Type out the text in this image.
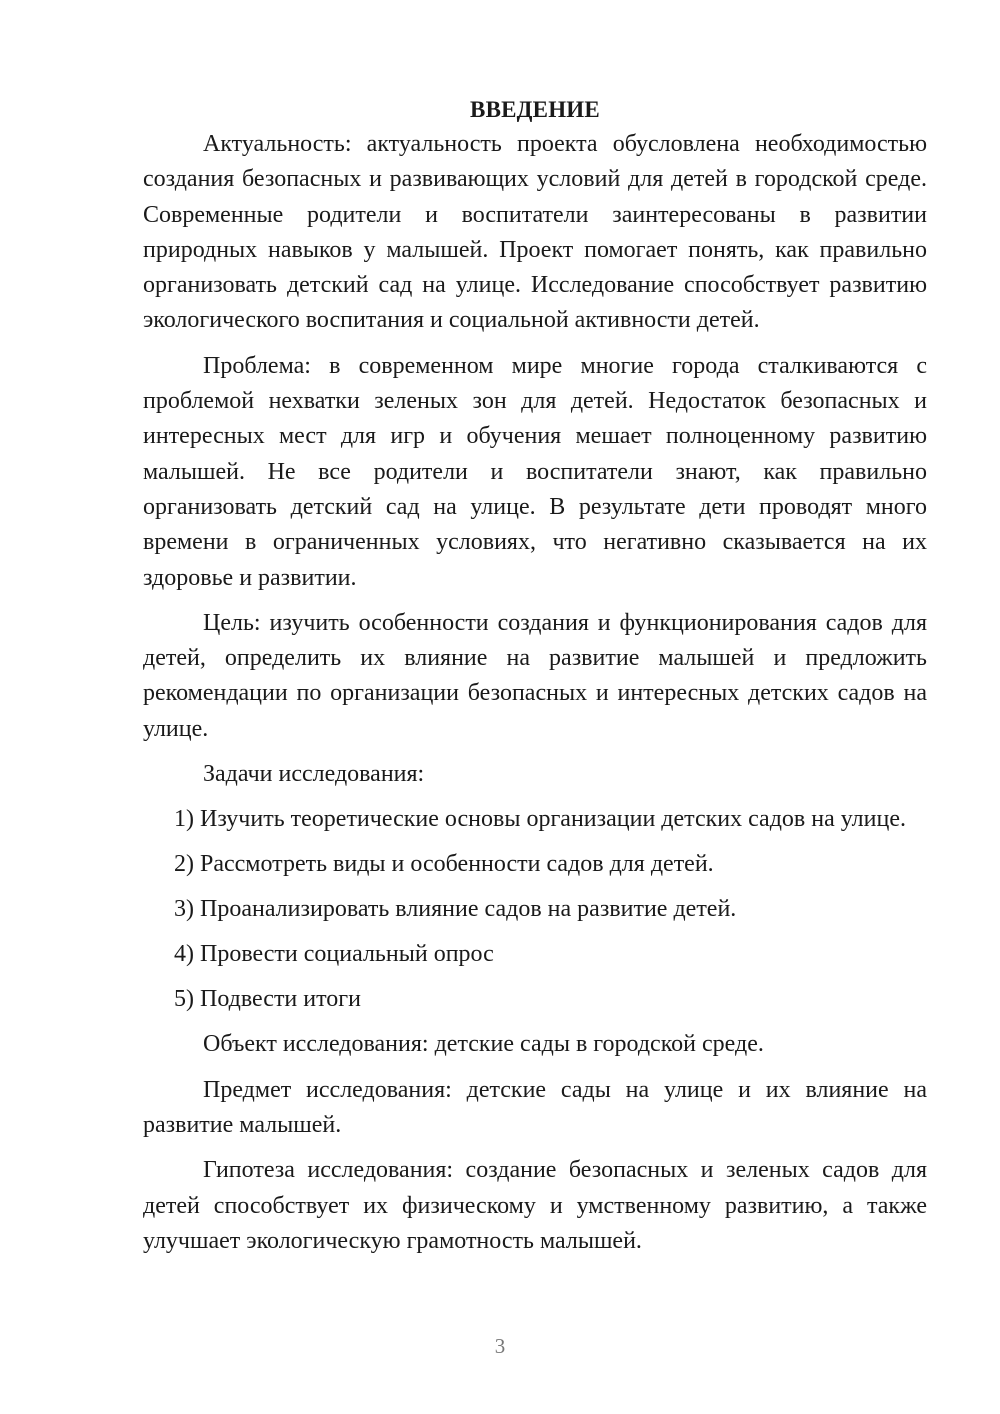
ВВЕДЕНИЕ

Актуальность: актуальность проекта обусловлена необходимостью создания безопасных и развивающих условий для детей в городской среде. Современные родители и воспитатели заинтересованы в развитии природных навыков у малышей. Проект помогает понять, как правильно организовать детский сад на улице. Исследование способствует развитию экологического воспитания и социальной активности детей.

Проблема: в современном мире многие города сталкиваются с проблемой нехватки зеленых зон для детей. Недостаток безопасных и интересных мест для игр и обучения мешает полноценному развитию малышей. Не все родители и воспитатели знают, как правильно организовать детский сад на улице. В результате дети проводят много времени в ограниченных условиях, что негативно сказывается на их здоровье и развитии.

Цель: изучить особенности создания и функционирования садов для детей, определить их влияние на развитие малышей и предложить рекомендации по организации безопасных и интересных детских садов на улице.

Задачи исследования:

1) Изучить теоретические основы организации детских садов на улице.

2) Рассмотреть виды и особенности садов для детей.

3) Проанализировать влияние садов на развитие детей.

4) Провести социальный опрос

5) Подвести итоги

Объект исследования: детские сады в городской среде.

Предмет исследования: детские сады на улице и их влияние на развитие малышей.

Гипотеза исследования: создание безопасных и зеленых садов для детей способствует их физическому и умственному развитию, а также улучшает экологическую грамотность малышей.

3
